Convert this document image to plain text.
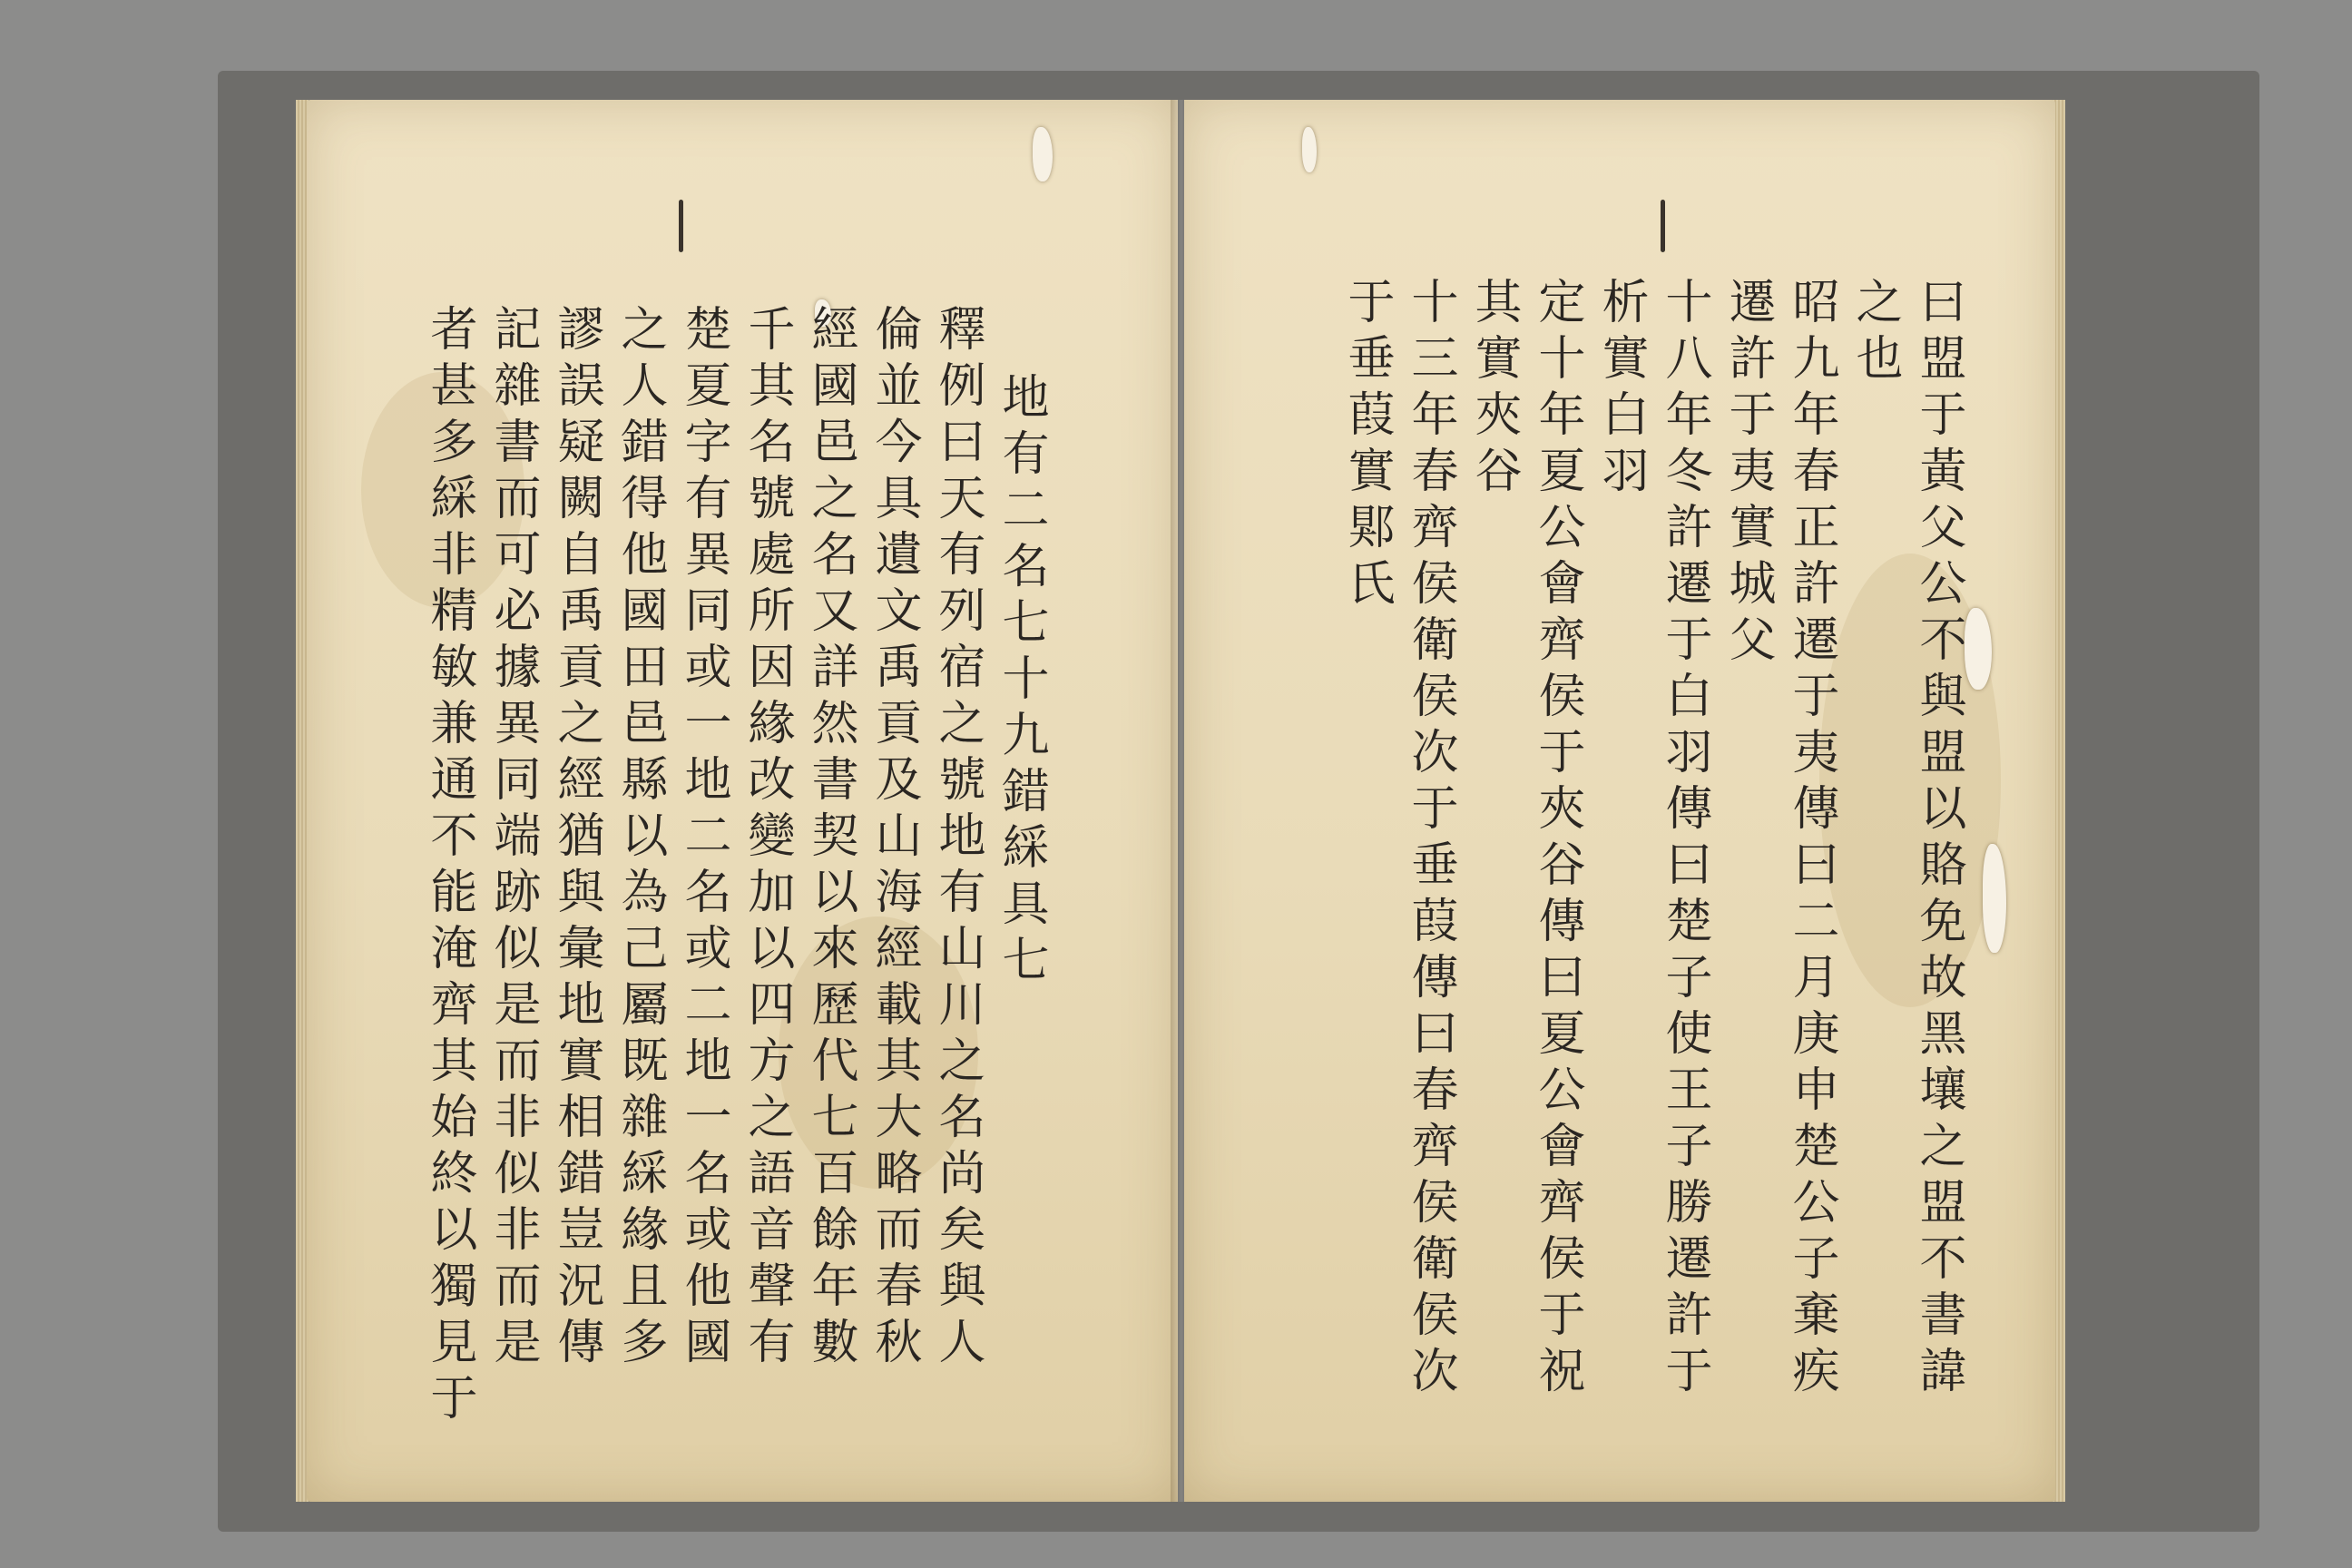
地有二名七十九錯綵具七
釋例曰天有列宿之號地有山川之名尚矣與人
倫並今具遺文禹貢及山海經載其大略而春秋
經國邑之名又詳然書契以來歷代七百餘年數
千其名號處所因緣改變加以四方之語音聲有
楚夏字有異同或一地二名或二地一名或他國
之人錯得他國田邑縣以為己屬既雜綵緣且多
謬誤疑闕自禹貢之經猶與彙地實相錯豈況傳
記雜書而可必據異同端跡似是而非似非而是
者甚多綵非精敏兼通不能淹齊其始終以獨見于	曰盟于黃父公不與盟以賂免故黑壤之盟不書諱
之也
昭九年春正許遷于夷傳曰二月庚申楚公子棄疾
遷許于夷實城父
十八年冬許遷于白羽傳曰楚子使王子勝遷許于
析實白羽
定十年夏公會齊侯于夾谷傳曰夏公會齊侯于祝
其實夾谷
十三年春齊侯衛侯次于垂葭傳曰春齊侯衛侯次
于垂葭實郹氏
